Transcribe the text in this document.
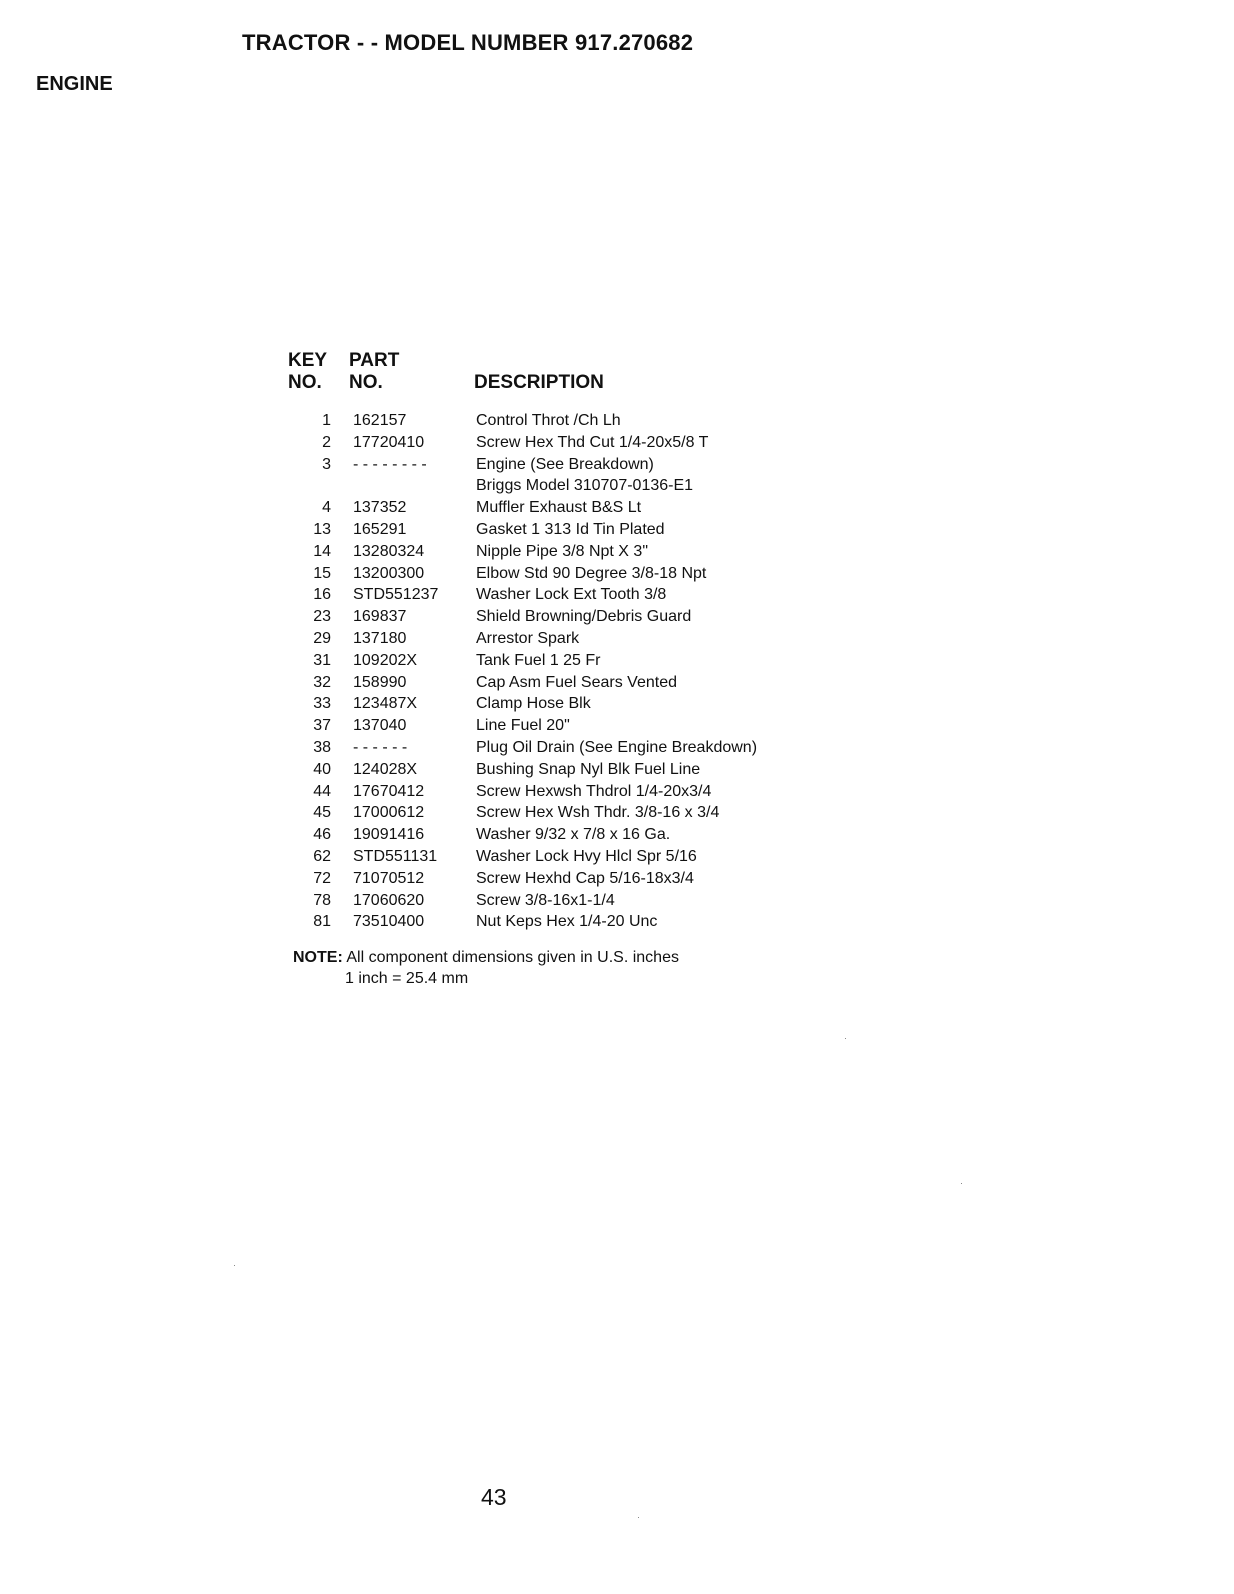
TRACTOR - - MODEL NUMBER 917.270682
ENGINE
KEY
NO.
PART
NO.	DESCRIPTION
1 162157	Control Throt /Ch Lh
2 17720410	Screw Hex Thd Cut 1/4-20x5/8 T
3 - - - - - - - -	Engine (See Breakdown)
Briggs Model 310707-0136-E1
4 137352	Muffler Exhaust B&S Lt
13 165291	Gasket 1 313 Id Tin Plated
14 13280324	Nipple Pipe 3/8 Npt X 3"
15 13200300	Elbow Std 90 Degree 3/8-18 Npt
16 STD551237 Washer Lock Ext Tooth 3/8
23 169837	Shield Browning/Debris Guard
29 137180	Arrestor Spark
31 109202X	Tank Fuel 1 25 Fr
32 158990	Cap Asm Fuel Sears Vented
33 123487X	Clamp Hose Blk
37 137040	Line Fuel 20"
38 - - - - - -	Plug Oil Drain (See Engine Breakdown)
40 124028X	Bushing Snap Nyl Blk Fuel Line
44 17670412	Screw Hexwsh Thdrol 1/4-20x3/4
45 17000612	Screw Hex Wsh Thdr. 3/8-16 x 3/4
46 19091416	Washer 9/32 x 7/8 x 16 Ga.
62 STD551131 Washer Lock Hvy Hlcl Spr 5/16
72 71070512	Screw Hexhd Cap 5/16-18x3/4
78 17060620	Screw 3/8-16x1-1/4
81 73510400	Nut Keps Hex 1/4-20 Unc
NOTE: All component dimensions given in U.S. inches
1 inch = 25.4 mm
43
